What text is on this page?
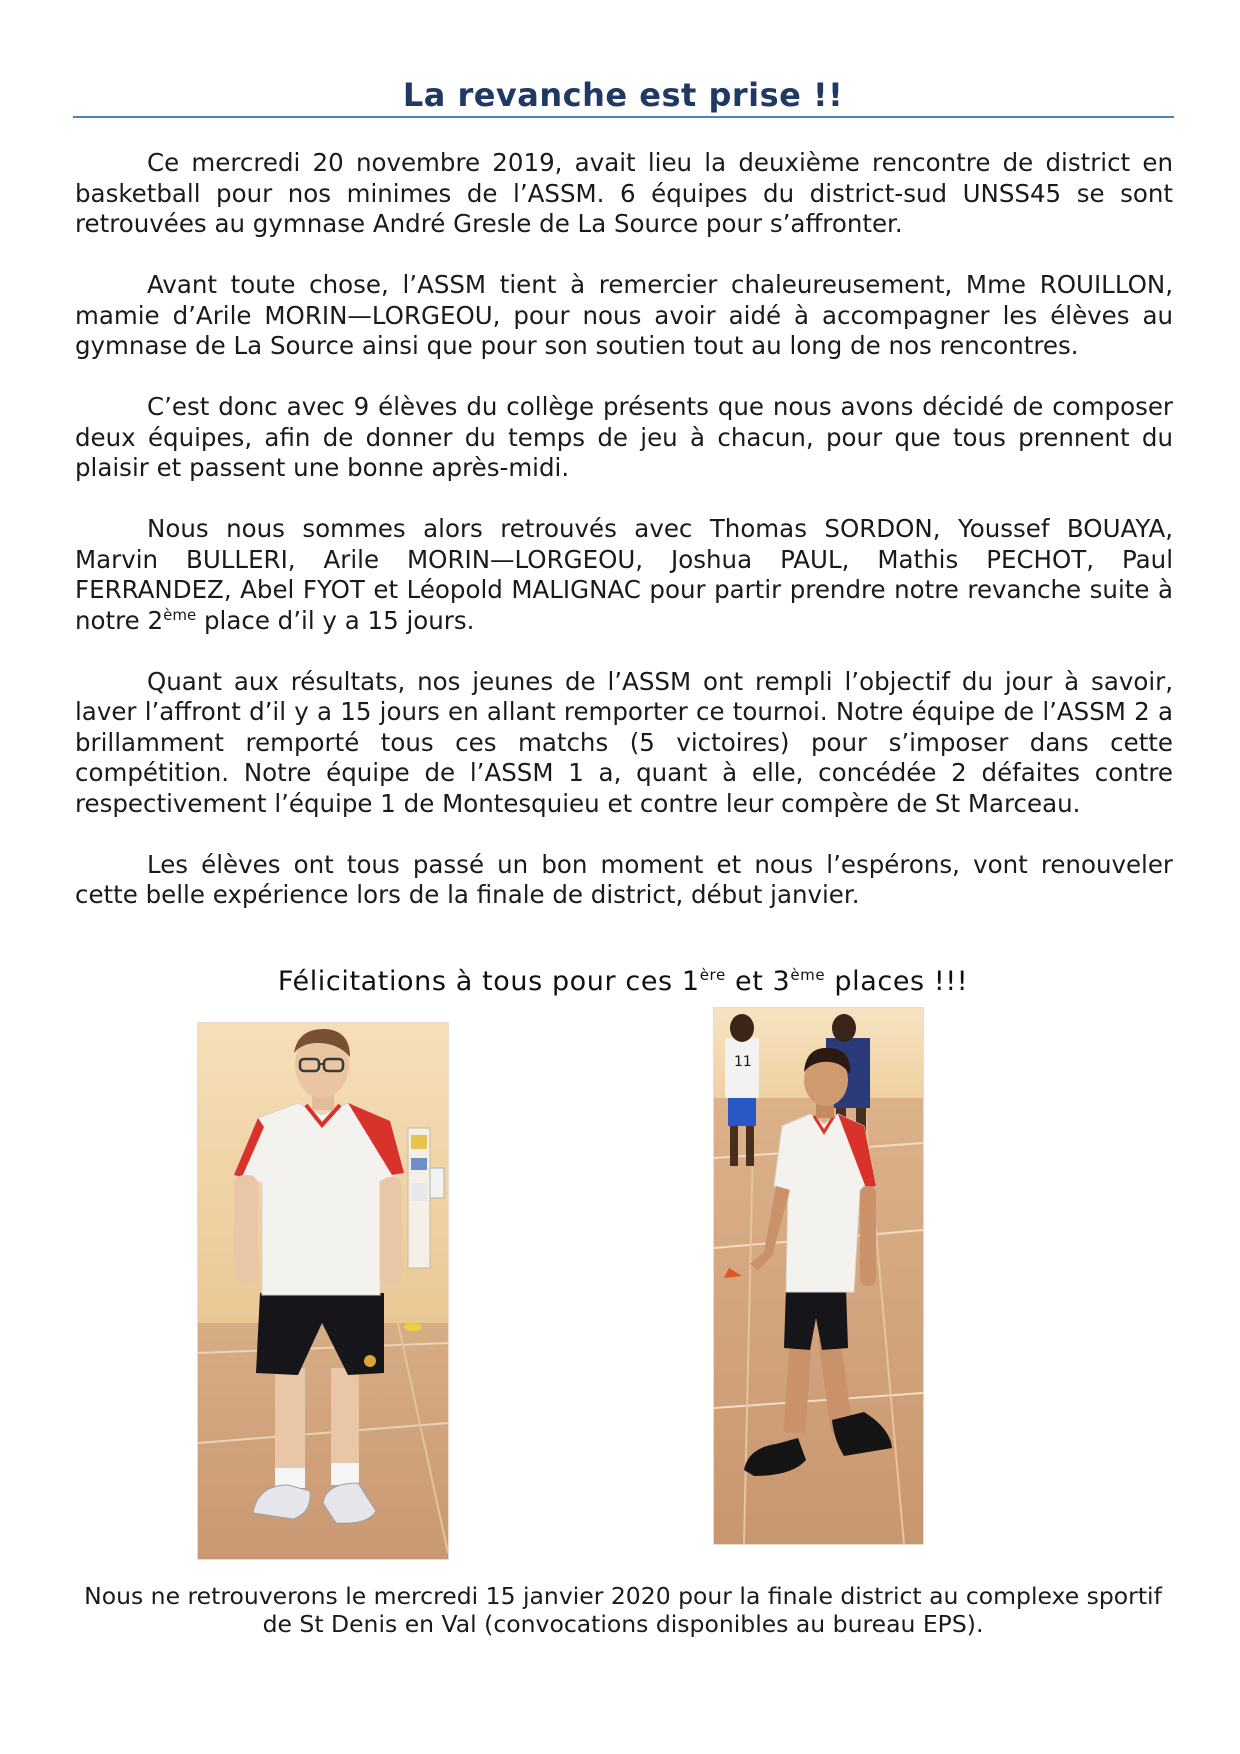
La revanche est prise !!

Ce mercredi 20 novembre 2019, avait lieu la deuxième rencontre de district en basketball pour nos minimes de l’ASSM. 6 équipes du district-sud UNSS45 se sont retrouvées au gymnase André Gresle de La Source pour s’affronter.

Avant toute chose, l’ASSM tient à remercier chaleureusement, Mme ROUILLON, mamie d’Arile MORIN—LORGEOU, pour nous avoir aidé à accompagner les élèves au gymnase de La Source ainsi que pour son soutien tout au long de nos rencontres.

C’est donc avec 9 élèves du collège présents que nous avons décidé de composer deux équipes, afin de donner du temps de jeu à chacun, pour que tous prennent du plaisir et passent une bonne après-midi.

Nous nous sommes alors retrouvés avec Thomas SORDON, Youssef BOUAYA, Marvin BULLERI, Arile MORIN—LORGEOU, Joshua PAUL, Mathis PECHOT, Paul FERRANDEZ, Abel FYOT et Léopold MALIGNAC pour partir prendre notre revanche suite à notre 2ème place d’il y a 15 jours.

Quant aux résultats, nos jeunes de l’ASSM ont rempli l’objectif du jour à savoir, laver l’affront d’il y a 15 jours en allant remporter ce tournoi. Notre équipe de l’ASSM 2 a brillamment remporté tous ces matchs (5 victoires) pour s’imposer dans cette compétition. Notre équipe de l’ASSM 1 a, quant à elle, concédée 2 défaites contre respectivement l’équipe 1 de Montesquieu et contre leur compère de St Marceau.

Les élèves ont tous passé un bon moment et nous l’espérons, vont renouveler cette belle expérience lors de la finale de district, début janvier.

Félicitations à tous pour ces 1ère et 3ème places !!!
11
Nous ne retrouverons le mercredi 15 janvier 2020 pour la finale district au complexe sportif
de St Denis en Val (convocations disponibles au bureau EPS).
